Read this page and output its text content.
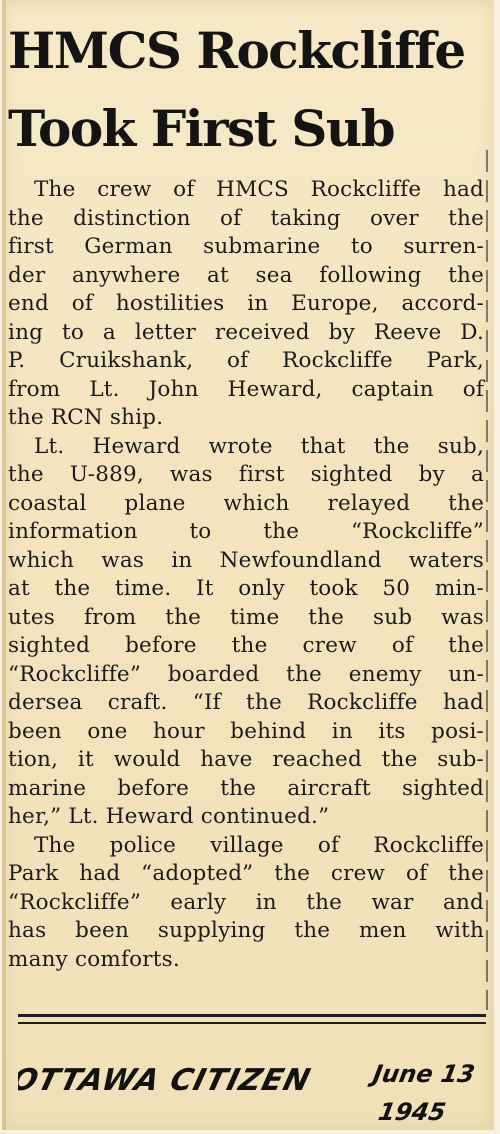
HMCS Rockcliffe
Took First Sub
The crew of HMCS Rockcliffe had
the distinction of taking over the
first German submarine to surren-
der anywhere at sea following the
end of hostilities in Europe, accord-
ing to a letter received by Reeve D.
P. Cruikshank, of Rockcliffe Park,
from Lt. John Heward, captain of
the RCN ship.
Lt. Heward wrote that the sub,
the U-889, was first sighted by a
coastal plane which relayed the
information to the “Rockcliffe”
which was in Newfoundland waters
at the time. It only took 50 min-
utes from the time the sub was
sighted before the crew of the
“Rockcliffe” boarded the enemy un-
dersea craft. “If the Rockcliffe had
been one hour behind in its posi-
tion, it would have reached the sub-
marine before the aircraft sighted
her,” Lt. Heward continued.”
The police village of Rockcliffe
Park had “adopted” the crew of the
“Rockcliffe” early in the war and
has been supplying the men with
many comforts.
OTTAWA CITIZEN June 13
1945
